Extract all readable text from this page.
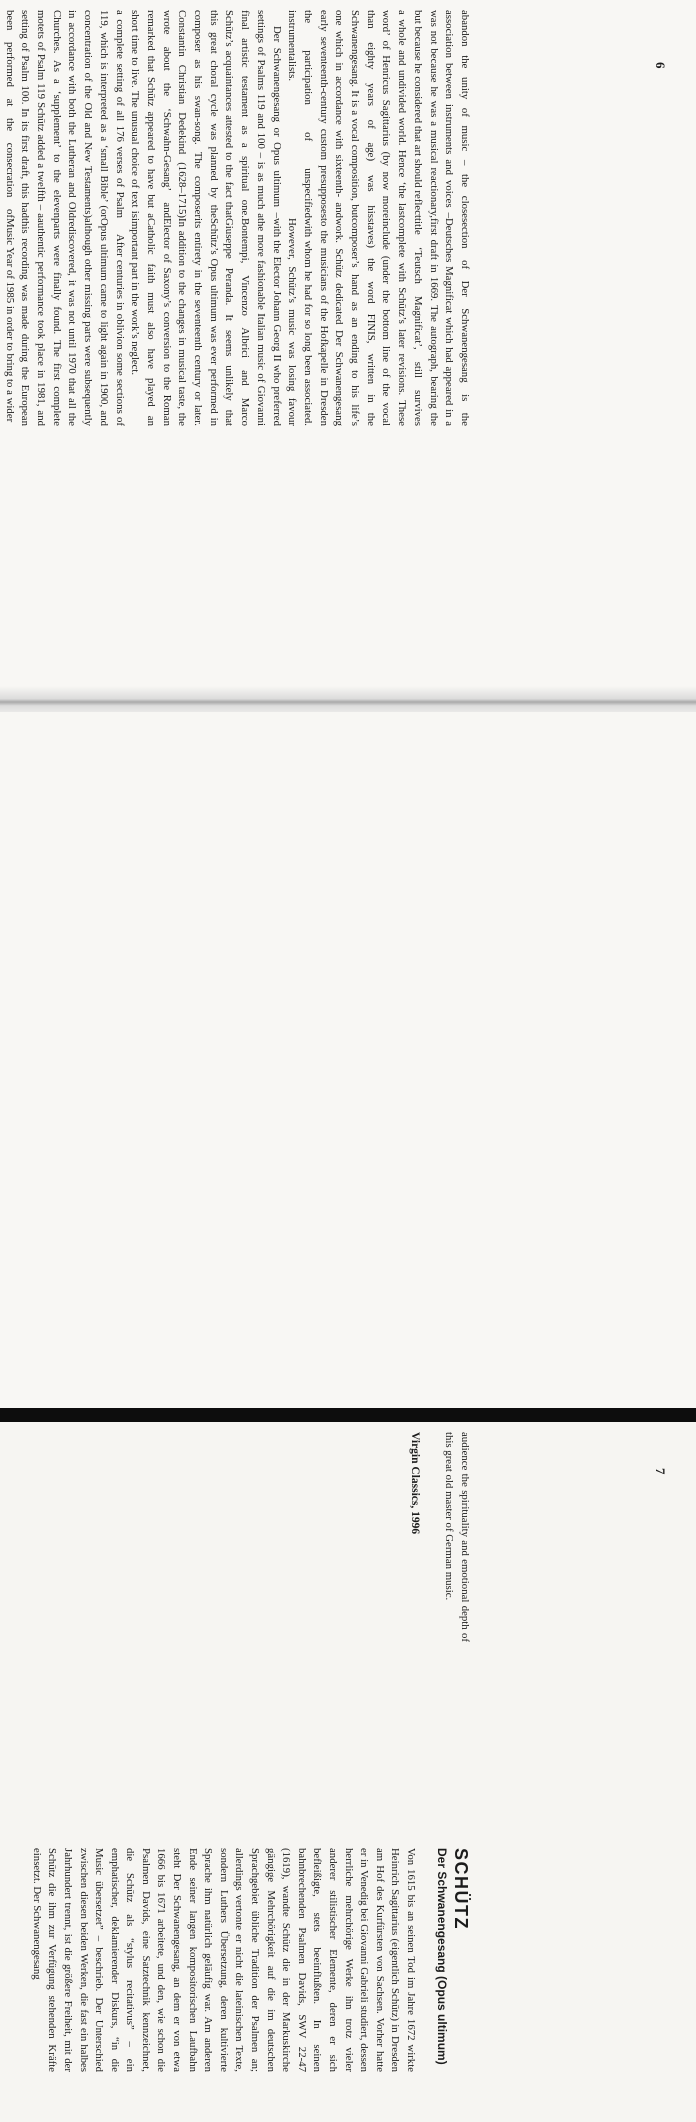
6

abandon the unity of music – the close association between instruments and voices – was not because he was a musical reactionary, but because he considered that art should reflect a whole and undivided world. Hence ‘the last word’ of Henricus Sagittarius (by now more than eighty years of age) was his Schwanengesang. It is a vocal composition, but one which in accordance with sixteenth- and early seventeenth-century custom presupposes the participation of unspecified instrumentalists.

Der Schwanengesang or Opus ultimum – settings of Psalms 119 and 100 – is as much a final artistic testament as a spiritual one. Schütz’s acquaintances attested to the fact that this great choral cycle was planned by the composer as his swan-song. The composer Constantin Christian Dedekind (1628–1715) wrote about the ‘Schwahn-Gesang’ and remarked that Schütz appeared to have but a short time to live. The unusual choice of text is a complete setting of all 176 verses of Psalm 119, which is interpreted as a ‘small Bible’ (or concentration of the Old and New Testaments) in accordance with both the Lutheran and Old Churches. As a ‘supplement’ to the eleven motets of Psalm 119 Schütz added a twelfth – a setting of Psalm 100. In its first draft, this had been performed at the consecration of

section of Der Schwanengesang is the Deutsches Magnificat which had appeared in a first draft in 1669. The autograph, bearing the title ‘Teutsch Magnificat’, still survives complete with Schütz’s later revisions. These include (under the bottom line of the vocal staves) the word FINIS, written in the composer’s hand as an ending to his life’s work. Schütz dedicated Der Schwanengesang to the musicians of the Hofkapelle in Dresden with whom he had for so long been associated. However, Schütz’s music was losing favour with the Elector Johann Georg II who preferred the more fashionable Italian music of Giovanni Bontempi, Vincenzo Albrici and Marco Giuseppe Peranda. It seems unlikely that Schütz’s Opus ultimum was ever performed in its entirety in the seventeenth century or later. In addition to the changes in musical taste, the Elector of Saxony’s conversion to the Roman Catholic faith must also have played an important part in the work’s neglect.

After centuries in oblivion some sections of Opus ultimum came to light again in 1900, and although other missing parts were subsequently rediscovered, it was not until 1970 that all the parts were finally found. The first complete authentic performance took place in 1981, and this recording was made during the European Music Year of 1985 in order to bring to a wider

7

audience the spirituality and emotional depth of this great old master of German music.

Virgin Classics, 1996
SCHÜTZ
Der Schwanengesang (Opus ultimum)

Von 1615 bis an seinen Tod im Jahre 1672 wirkte Heinrich Sagittarius (eigentlich Schütz) in Dresden am Hof des Kurfürsten von Sachsen. Vorher hatte er in Venedig bei Giovanni Gabrieli studiert, dessen herrliche mehrchörige Werke ihn trotz vieler anderer stilistischer Elemente, deren er sich befleißigte, stets beeinflußten. In seinen bahnbrechenden Psalmen Davids, SWV 22-47 (1619), wandte Schütz die in der Markuskirche gängige Mehrchörigkeit auf die im deutschen Sprachgebiet übliche Tradition der Psalmen an; allerdings vertonte er nicht die lateinischen Texte, sondern Luthers Übersetzung, deren kultivierte Sprache ihm natürlich geläufig war. Am anderen Ende seiner langen kompositorischen Laufbahn steht Der Schwanengesang, an dem er von etwa 1666 bis 1671 arbeitete, und den, wie schon die Psalmen Davids, eine Satztechnik kennzeichnet, die Schütz als “stylus recitativus” – ein emphatischer, deklamierender Diskurs, “in die Music übersetzet” – beschrieb. Der Unterschied zwischen diesen beiden Werken, die fast ein halbes Jahrhundert trennt, ist die größere Freiheit, mit der Schütz die ihm zur Verfügung stehenden Kräfte einsetzt. Der Schwanengesang
